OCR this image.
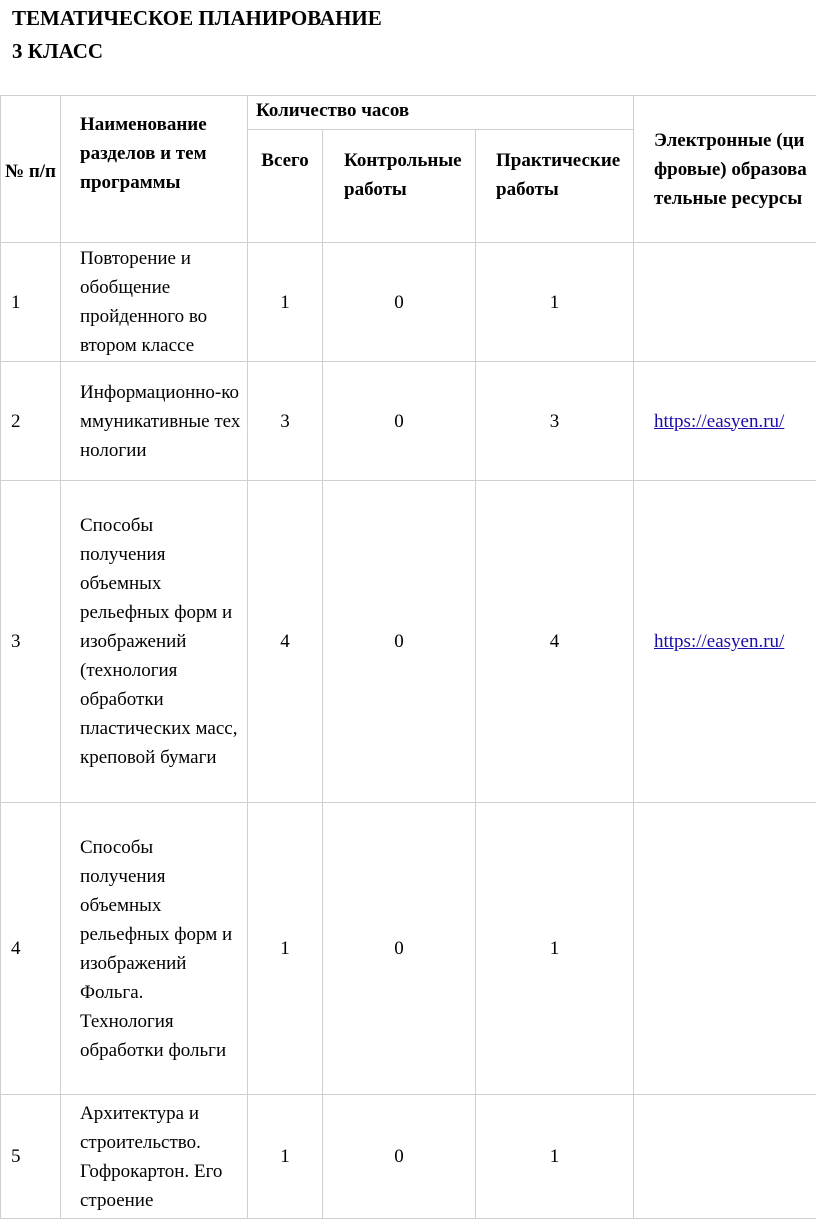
ТЕМАТИЧЕСКОЕ ПЛАНИРОВАНИЕ
3 КЛАСС
№ п/п	Наименование разделов и тем программы	Количество часов			Электронные (цифровые) образовательные ресурсы
		Всего	Контрольные работы	Практические работы	
1	Повторение и обобщение пройденного во втором классе	1	0	1	
2	Информационно-коммуникативные технологии	3	0	3	https://easyen.ru/
3	Способы получения объемных рельефных форм и изображений (технология обработки пластических масс, креповой бумаги	4	0	4	https://easyen.ru/
4	Способы получения объемных рельефных форм и изображений Фольга. Технология обработки фольги	1	0	1	
5	Архитектура и строительство. Гофрокартон. Его строение	1	0	1	
